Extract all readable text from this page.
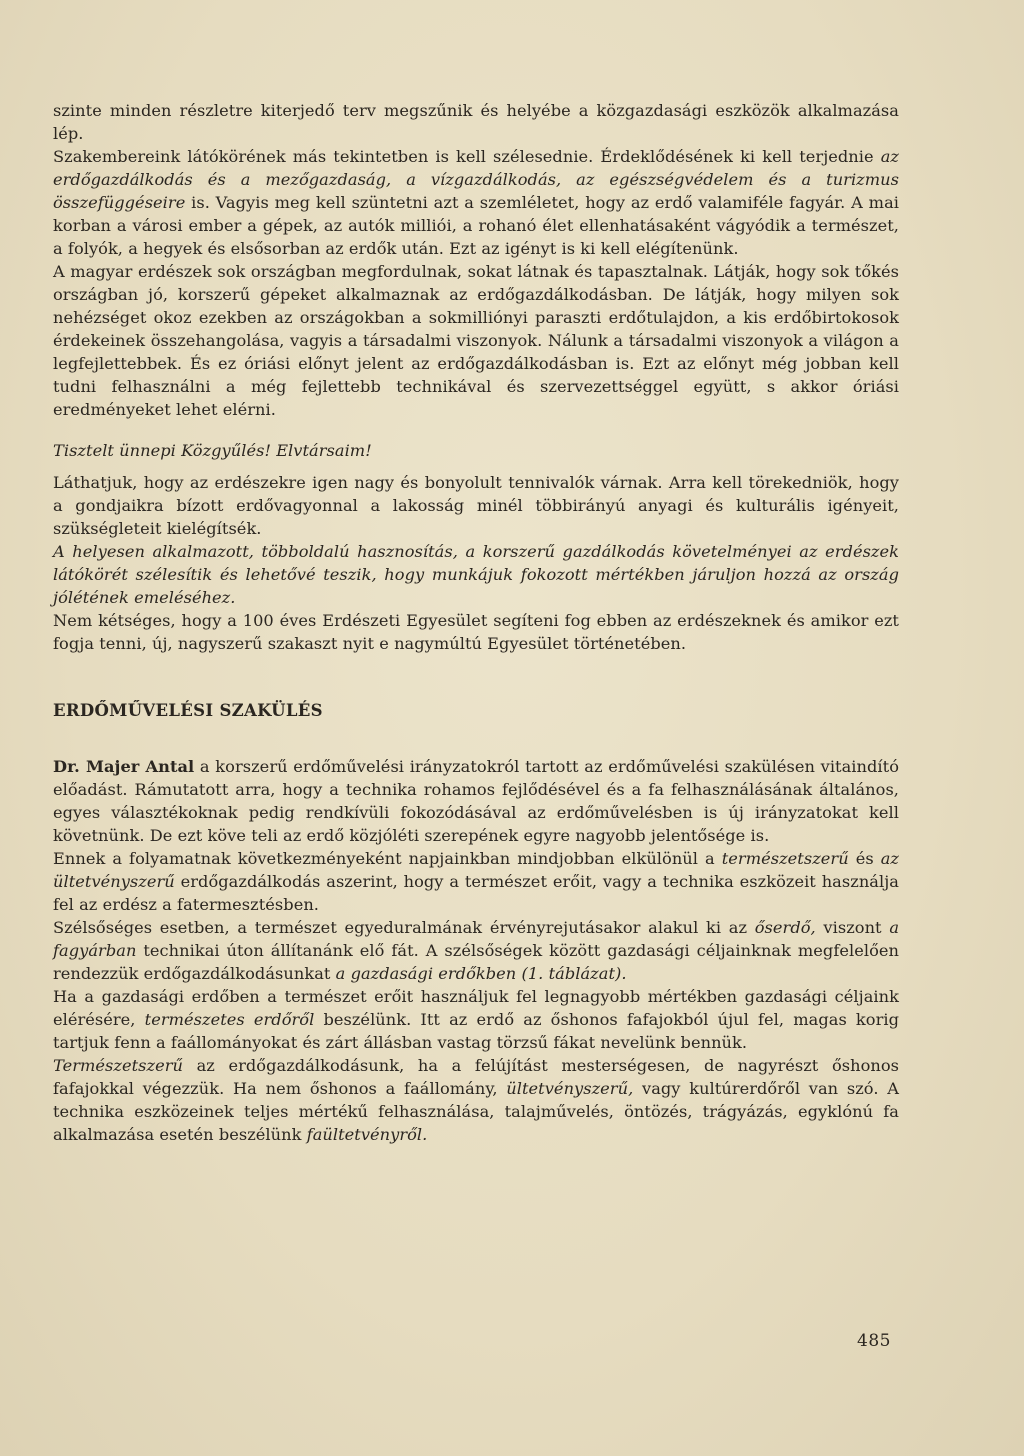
szinte minden részletre kiterjedő terv megszűnik és helyébe a közgazdasági eszközök alkalmazása lép.

Szakembereink látókörének más tekintetben is kell szélesednie. Érdeklődésének ki kell terjednie az erdőgazdálkodás és a mezőgazdaság, a vízgazdálkodás, az egészségvédelem és a turizmus összefüggéseire is. Vagyis meg kell szüntetni azt a szemléletet, hogy az erdő valamiféle fagyár. A mai korban a városi ember a gépek, az autók milliói, a rohanó élet ellenhatásaként vágyódik a természet, a folyók, a hegyek és elsősorban az erdők után. Ezt az igényt is ki kell elégítenünk.

A magyar erdészek sok országban megfordulnak, sokat látnak és tapasztalnak. Látják, hogy sok tőkés országban jó, korszerű gépeket alkalmaznak az erdőgazdálkodásban. De látják, hogy milyen sok nehézséget okoz ezekben az országokban a sokmilliónyi paraszti erdőtulajdon, a kis erdőbirtokosok érdekeinek összehangolása, vagyis a társadalmi viszonyok. Nálunk a társadalmi viszonyok a világon a legfejlettebbek. És ez óriási előnyt jelent az erdőgazdálkodásban is. Ezt az előnyt még jobban kell tudni felhasználni a még fejlettebb technikával és szervezettséggel együtt, s akkor óriási eredményeket lehet elérni.

Tisztelt ünnepi Közgyűlés! Elvtársaim!

Láthatjuk, hogy az erdészekre igen nagy és bonyolult tennivalók várnak. Arra kell törekedniök, hogy a gondjaikra bízott erdővagyonnal a lakosság minél többirányú anyagi és kulturális igényeit, szükségleteit kielégítsék.

A helyesen alkalmazott, többoldalú hasznosítás, a korszerű gazdálkodás követelményei az erdészek látókörét szélesítik és lehetővé teszik, hogy munkájuk fokozott mértékben járuljon hozzá az ország jólétének emeléséhez.

Nem kétséges, hogy a 100 éves Erdészeti Egyesület segíteni fog ebben az erdészeknek és amikor ezt fogja tenni, új, nagyszerű szakaszt nyit e nagymúltú Egyesület történetében.

ERDŐMŰVELÉSI SZAKÜLÉS

Dr. Majer Antal a korszerű erdőművelési irányzatokról tartott az erdőművelési szakülésen vitaindító előadást. Rámutatott arra, hogy a technika rohamos fejlődésével és a fa felhasználásának általános, egyes választékoknak pedig rendkívüli fokozódásával az erdőművelésben is új irányzatokat kell követnünk. De ezt köve teli az erdő közjóléti szerepének egyre nagyobb jelentősége is.

Ennek a folyamatnak következményeként napjainkban mindjobban elkülönül a természetszerű és az ültetvényszerű erdőgazdálkodás aszerint, hogy a természet erőit, vagy a technika eszközeit használja fel az erdész a fatermesztésben.

Szélsőséges esetben, a természet egyeduralmának érvényrejutásakor alakul ki az őserdő, viszont a fagyárban technikai úton állítanánk elő fát. A szélsőségek között gazdasági céljainknak megfelelően rendezzük erdőgazdálkodásunkat a gazdasági erdőkben (1. táblázat).

Ha a gazdasági erdőben a természet erőit használjuk fel legnagyobb mértékben gazdasági céljaink elérésére, természetes erdőről beszélünk. Itt az erdő az őshonos fafajokból újul fel, magas korig tartjuk fenn a faállományokat és zárt állásban vastag törzsű fákat nevelünk bennük.

Természetszerű az erdőgazdálkodásunk, ha a felújítást mesterségesen, de nagyrészt őshonos fafajokkal végezzük. Ha nem őshonos a faállomány, ültetvényszerű, vagy kultúrerdőről van szó. A technika eszközeinek teljes mértékű felhasználása, talajművelés, öntözés, trágyázás, egyklónú fa alkalmazása esetén beszélünk faültetvényről.

485
